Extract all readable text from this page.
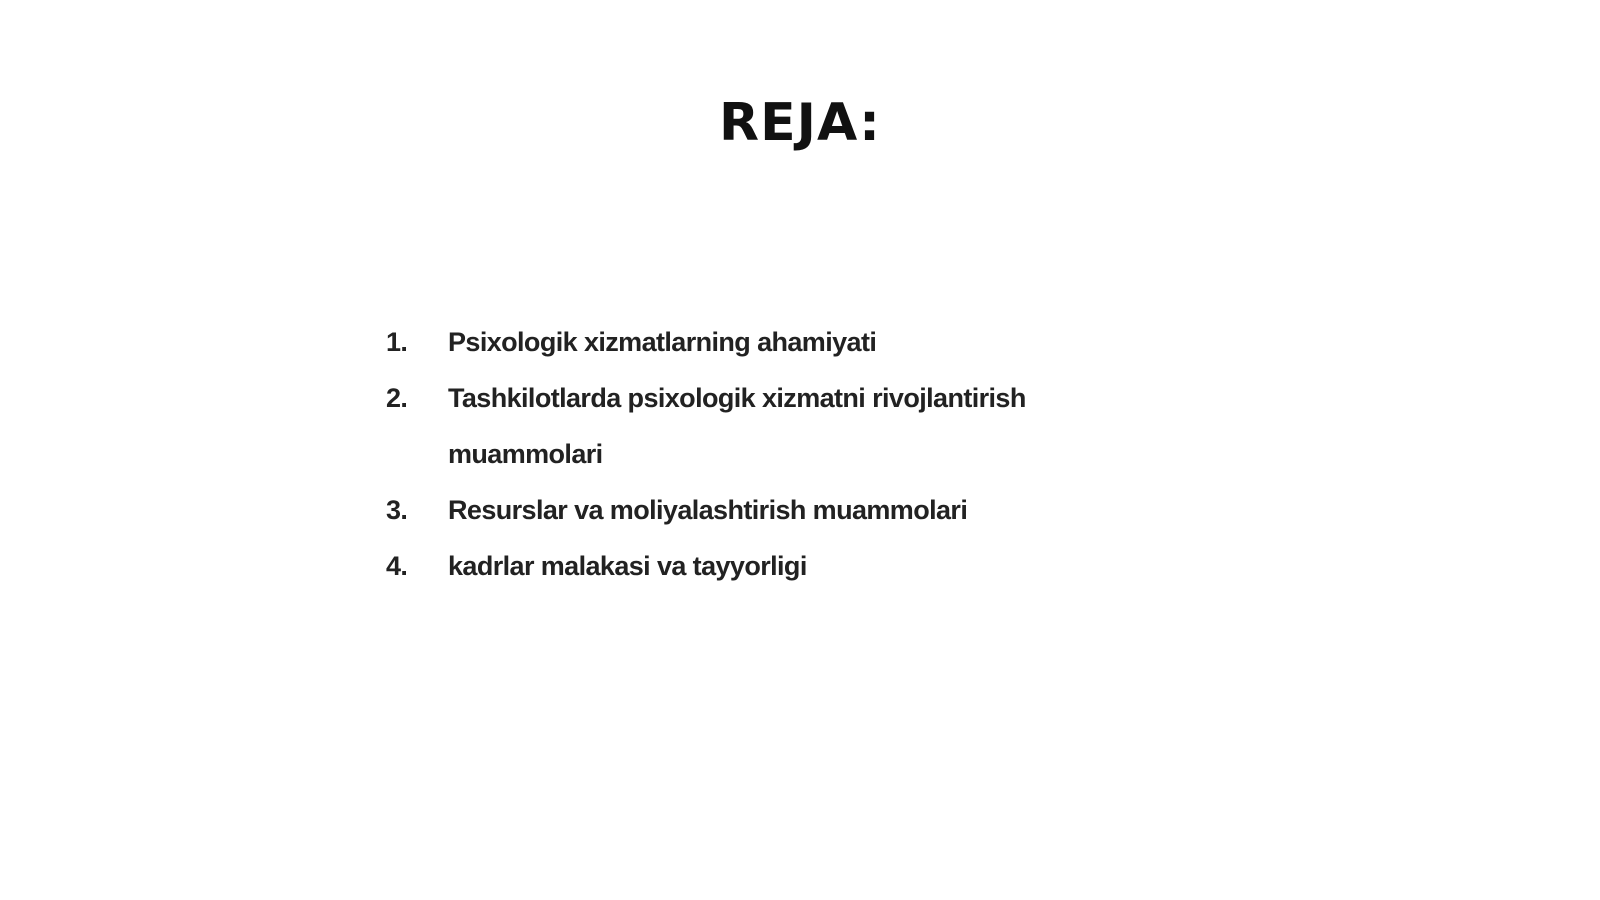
REJA:
1.	Psixologik xizmatlarning ahamiyati
2.	Tashkilotlarda psixologik xizmatni rivojlantirish muammolari
3.	Resurslar va moliyalashtirish muammolari
4.	kadrlar malakasi va tayyorligi
